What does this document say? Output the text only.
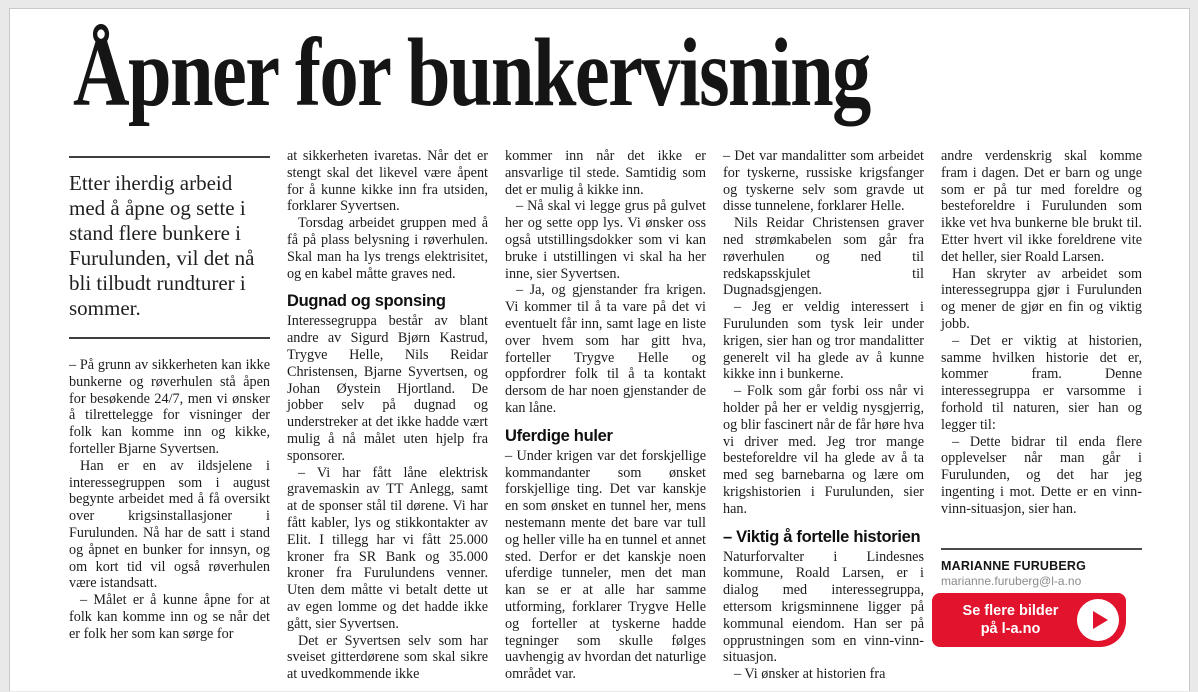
Åpner for bunkervisning
Etter iherdig arbeid med å åpne og sette i stand flere bunkere i Furulunden, vil det nå bli tilbudt rundturer i sommer.

– På grunn av sikkerheten kan ikke bunkerne og røverhulen stå åpen for besøkende 24/7, men vi ønsker å tilrettelegge for visninger der folk kan komme inn og kikke, forteller Bjarne Syvertsen.

Han er en av ildsjelene i interessegruppen som i august begynte arbeidet med å få oversikt over krigsinstallasjoner i Furulunden. Nå har de satt i stand og åpnet en bunker for innsyn, og om kort tid vil også røverhulen være istandsatt.

– Målet er å kunne åpne for at folk kan komme inn og se når det er folk her som kan sørge for

at sikkerheten ivaretas. Når det er stengt skal det likevel være åpent for å kunne kikke inn fra utsiden, forklarer Syvertsen.

Torsdag arbeidet gruppen med å få på plass belysning i røverhulen. Skal man ha lys trengs elektrisitet, og en kabel måtte graves ned.

Dugnad og sponsing

Interessegruppa består av blant andre av Sigurd Bjørn Kastrud, Trygve Helle, Nils Reidar Christensen, Bjarne Syvertsen, og Johan Øystein Hjortland. De jobber selv på dugnad og understreker at det ikke hadde vært mulig å nå målet uten hjelp fra sponsorer.

– Vi har fått låne elektrisk gravemaskin av TT Anlegg, samt at de sponser stål til dørene. Vi har fått kabler, lys og stikkontakter av Elit. I tillegg har vi fått 25.000 kroner fra SR Bank og 35.000 kroner fra Furulundens venner. Uten dem måtte vi betalt dette ut av egen lomme og det hadde ikke gått, sier Syvertsen.

Det er Syvertsen selv som har sveiset gitterdørene som skal sikre at uvedkommende ikke

kommer inn når det ikke er ansvarlige til stede. Samtidig som det er mulig å kikke inn.

– Nå skal vi legge grus på gulvet her og sette opp lys. Vi ønsker oss også utstillingsdokker som vi kan bruke i utstillingen vi skal ha her inne, sier Syvertsen.

– Ja, og gjenstander fra krigen. Vi kommer til å ta vare på det vi eventuelt får inn, samt lage en liste over hvem som har gitt hva, forteller Trygve Helle og oppfordrer folk til å ta kontakt dersom de har noen gjenstander de kan låne.

Uferdige huler

– Under krigen var det forskjellige kommandanter som ønsket forskjellige ting. Det var kanskje en som ønsket en tunnel her, mens nestemann mente det bare var tull og heller ville ha en tunnel et annet sted. Derfor er det kanskje noen uferdige tunneler, men det man kan se er at alle har samme utforming, forklarer Trygve Helle og forteller at tyskerne hadde tegninger som skulle følges uavhengig av hvordan det naturlige området var.

– Det var mandalitter som arbeidet for tyskerne, russiske krigsfanger og tyskerne selv som gravde ut disse tunnelene, forklarer Helle.

Nils Reidar Christensen graver ned strømkabelen som går fra røverhulen og ned til redskapsskjulet til Dugnadsgjengen.

– Jeg er veldig interessert i Furulunden som tysk leir under krigen, sier han og tror mandalitter generelt vil ha glede av å kunne kikke inn i bunkerne.

– Folk som går forbi oss når vi holder på her er veldig nysgjerrig, og blir fascinert når de får høre hva vi driver med. Jeg tror mange besteforeldre vil ha glede av å ta med seg barnebarna og lære om krigshistorien i Furulunden, sier han.

– Viktig å fortelle historien

Naturforvalter i Lindesnes kommune, Roald Larsen, er i dialog med interessegruppa, ettersom krigsminnene ligger på kommunal eiendom. Han ser på opprustningen som en vinn-vinn-situasjon.

– Vi ønsker at historien fra

andre verdenskrig skal komme fram i dagen. Det er barn og unge som er på tur med foreldre og besteforeldre i Furulunden som ikke vet hva bunkerne ble brukt til. Etter hvert vil ikke foreldrene vite det heller, sier Roald Larsen.

Han skryter av arbeidet som interessegruppa gjør i Furulunden og mener de gjør en fin og viktig jobb.

– Det er viktig at historien, samme hvilken historie det er, kommer fram. Denne interessegruppa er varsomme i forhold til naturen, sier han og legger til:

– Dette bidrar til enda flere opplevelser når man går i Furulunden, og det har jeg ingenting i mot. Dette er en vinn-vinn-situasjon, sier han.

MARIANNE FURUBERG
marianne.furuberg@l-a.no
Se flere bilder
på l-a.no
